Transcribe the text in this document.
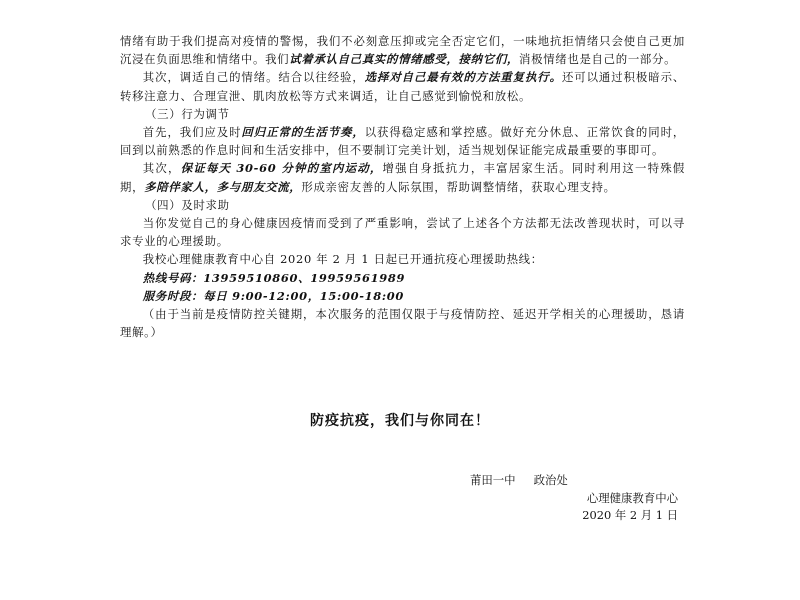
情绪有助于我们提高对疫情的警惕，我们不必刻意压抑或完全否定它们，一味地抗拒情绪只会使自己更加沉浸在负面思维和情绪中。我们试着承认自己真实的情绪感受，接纳它们，消极情绪也是自己的一部分。

其次，调适自己的情绪。结合以往经验，选择对自己最有效的方法重复执行。还可以通过积极暗示、转移注意力、合理宣泄、肌肉放松等方式来调适，让自己感觉到愉悦和放松。

（三）行为调节

首先，我们应及时回归正常的生活节奏，以获得稳定感和掌控感。做好充分休息、正常饮食的同时，回到以前熟悉的作息时间和生活安排中，但不要制订完美计划，适当规划保证能完成最重要的事即可。

其次，保证每天 30-60 分钟的室内运动，增强自身抵抗力，丰富居家生活。同时利用这一特殊假期，多陪伴家人，多与朋友交流，形成亲密友善的人际氛围，帮助调整情绪，获取心理支持。

（四）及时求助

当你发觉自己的身心健康因疫情而受到了严重影响，尝试了上述各个方法都无法改善现状时，可以寻求专业的心理援助。

我校心理健康教育中心自 2020 年 2 月 1 日起已开通抗疫心理援助热线：

热线号码：13959510860、19959561989

服务时段：每日 9:00-12:00，15:00-18:00

（由于当前是疫情防控关键期，本次服务的范围仅限于与疫情防控、延迟开学相关的心理援助，恳请理解。）

防疫抗疫，我们与你同在！
莆田一中 政治处
心理健康教育中心
2020 年 2 月 1 日
